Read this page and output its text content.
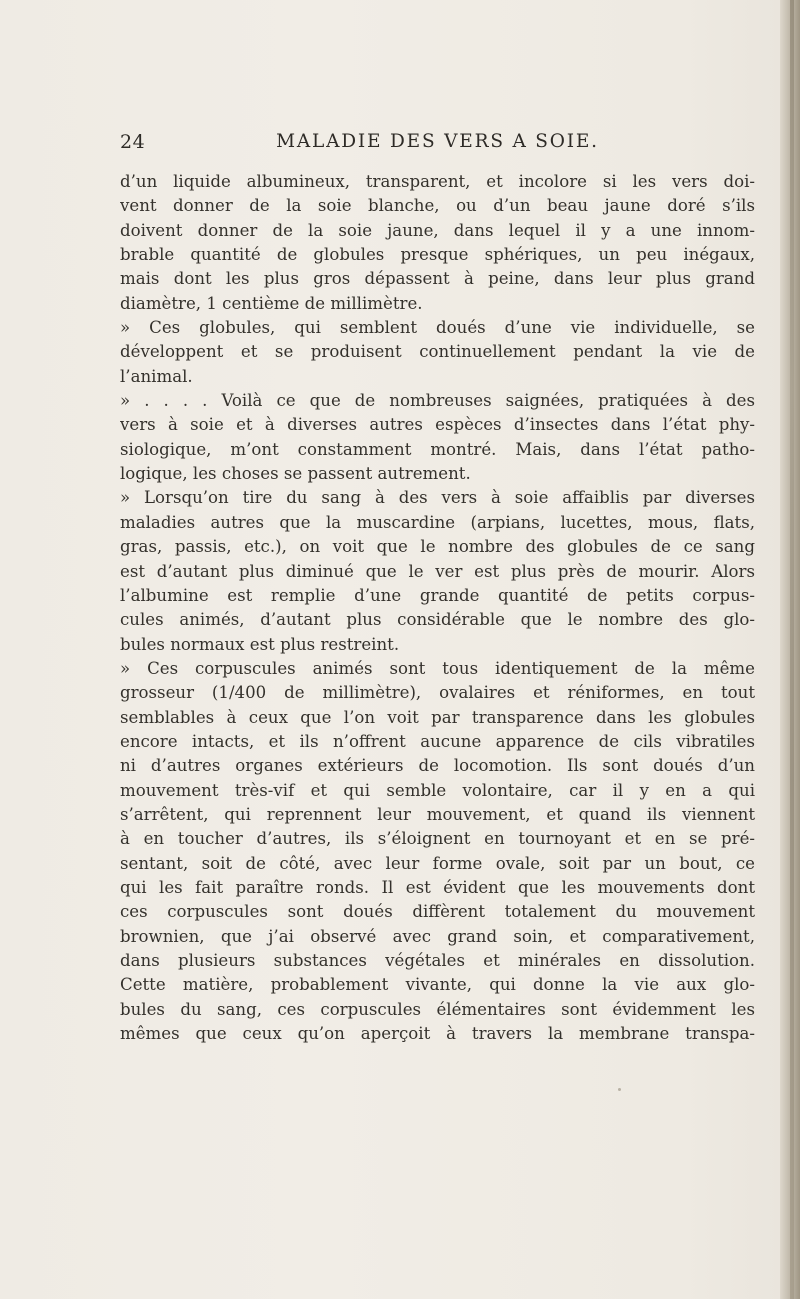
24	MALADIE DES VERS A SOIE.
d’un liquide albumineux, transparent, et incolore si les vers doi-
vent donner de la soie blanche, ou d’un beau jaune doré s’ils
doivent donner de la soie jaune, dans lequel il y a une innom-
brable quantité de globules presque sphériques, un peu inégaux,
mais dont les plus gros dépassent à peine, dans leur plus grand
diamètre, 1 centième de millimètre.
» Ces globules, qui semblent doués d’une vie individuelle, se
développent et se produisent continuellement pendant la vie de
l’animal.
» . . . . Voilà ce que de nombreuses saignées, pratiquées à des
vers à soie et à diverses autres espèces d’insectes dans l’état phy-
siologique, m’ont constamment montré. Mais, dans l’état patho-
logique, les choses se passent autrement.
» Lorsqu’on tire du sang à des vers à soie affaiblis par diverses
maladies autres que la muscardine (arpians, lucettes, mous, flats,
gras, passis, etc.), on voit que le nombre des globules de ce sang
est d’autant plus diminué que le ver est plus près de mourir. Alors
l’albumine est remplie d’une grande quantité de petits corpus-
cules animés, d’autant plus considérable que le nombre des glo-
bules normaux est plus restreint.
» Ces corpuscules animés sont tous identiquement de la même
grosseur (1/400 de millimètre), ovalaires et réniformes, en tout
semblables à ceux que l’on voit par transparence dans les globules
encore intacts, et ils n’offrent aucune apparence de cils vibratiles
ni d’autres organes extérieurs de locomotion. Ils sont doués d’un
mouvement très-vif et qui semble volontaire, car il y en a qui
s’arrêtent, qui reprennent leur mouvement, et quand ils viennent
à en toucher d’autres, ils s’éloignent en tournoyant et en se pré-
sentant, soit de côté, avec leur forme ovale, soit par un bout, ce
qui les fait paraître ronds. Il est évident que les mouvements dont
ces corpuscules sont doués diffèrent totalement du mouvement
brownien, que j’ai observé avec grand soin, et comparativement,
dans plusieurs substances végétales et minérales en dissolution.
Cette matière, probablement vivante, qui donne la vie aux glo-
bules du sang, ces corpuscules élémentaires sont évidemment les
mêmes que ceux qu’on aperçoit à travers la membrane transpa-
